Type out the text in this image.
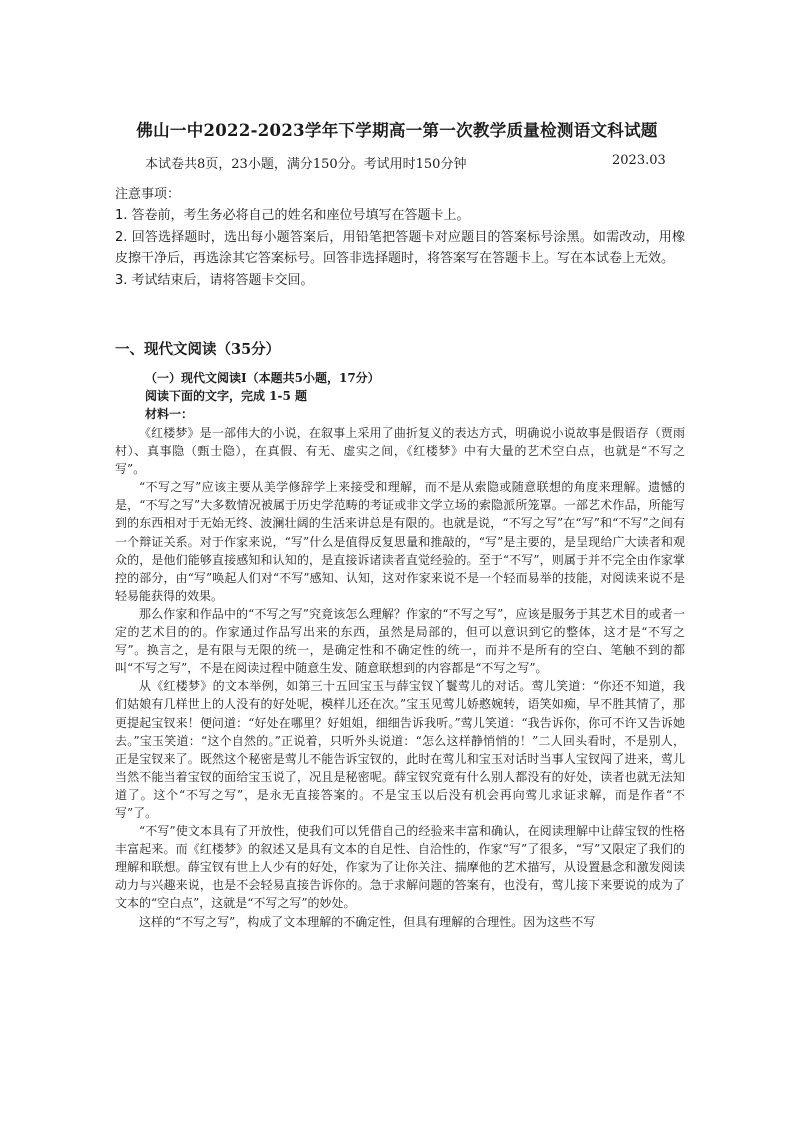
佛山一中2022-2023学年下学期高一第一次教学质量检测语文科试题
本试卷共8页，23小题，满分150分。考试用时150分钟	2023.03

注意事项：

1. 答卷前，考生务必将自己的姓名和座位号填写在答题卡上。

2. 回答选择题时，选出每小题答案后，用铅笔把答题卡对应题目的答案标号涂黑。如需改动，用橡皮擦干净后，再选涂其它答案标号。回答非选择题时，将答案写在答题卡上。写在本试卷上无效。

3. 考试结束后，请将答题卡交回。

一、现代文阅读（35分）
（一）现代文阅读Ⅰ（本题共5小题，17分）
阅读下面的文字，完成 1-5 题
材料一：

《红楼梦》是一部伟大的小说，在叙事上采用了曲折复义的表达方式，明确说小说故事是假语存（贾雨村）、真事隐（甄士隐），在真假、有无、虚实之间，《红楼梦》中有大量的艺术空白点，也就是“不写之写”。

“不写之写”应该主要从美学修辞学上来接受和理解，而不是从索隐或随意联想的角度来理解。遗憾的是，“不写之写”大多数情况被属于历史学范畴的考证或非文学立场的索隐派所笼罩。一部艺术作品，所能写到的东西相对于无始无终、波澜壮阔的生活来讲总是有限的。也就是说，“不写之写”在“写”和“不写”之间有一个辩证关系。对于作家来说，“写”什么是值得反复思量和推敲的，“写”是主要的，是呈现给广大读者和观众的，是他们能够直接感知和认知的，是直接诉诸读者直觉经验的。至于“不写”，则属于并不完全由作家掌控的部分，由“写”唤起人们对“不写”感知、认知，这对作家来说不是一个轻而易举的技能，对阅读来说不是轻易能获得的效果。

那么作家和作品中的“不写之写”究竟该怎么理解？作家的“不写之写”，应该是服务于其艺术目的或者一定的艺术目的的。作家通过作品写出来的东西，虽然是局部的，但可以意识到它的整体，这才是“不写之写”。换言之，是有限与无限的统一，是确定性和不确定性的统一，而并不是所有的空白、笔触不到的都叫“不写之写”，不是在阅读过程中随意生发、随意联想到的内容都是“不写之写”。

从《红楼梦》的文本举例，如第三十五回宝玉与薛宝钗丫鬟莺儿的对话。莺儿笑道：“你还不知道，我们姑娘有几样世上的人没有的好处呢，模样儿还在次。”宝玉见莺儿娇憨婉转，语笑如痴，早不胜其情了，那更提起宝钗来！便问道：“好处在哪里？好姐姐，细细告诉我听。”莺儿笑道：“我告诉你，你可不许又告诉她去。”宝玉笑道：“这个自然的。”正说着，只听外头说道：“怎么这样静悄悄的！”二人回头看时，不是别人，正是宝钗来了。既然这个秘密是莺儿不能告诉宝钗的，此时在莺儿和宝玉对话时当事人宝钗闯了进来，莺儿当然不能当着宝钗的面给宝玉说了，况且是秘密呢。薛宝钗究竟有什么别人都没有的好处，读者也就无法知道了。这个“不写之写”，是永无直接答案的。不是宝玉以后没有机会再向莺儿求证求解，而是作者“不写”了。

“不写”使文本具有了开放性，使我们可以凭借自己的经验来丰富和确认，在阅读理解中让薛宝钗的性格丰富起来。而《红楼梦》的叙述又是具有文本的自足性、自洽性的，作家“写”了很多，“写”又限定了我们的理解和联想。薛宝钗有世上人少有的好处，作家为了让你关注、揣摩他的艺术描写，从设置悬念和激发阅读动力与兴趣来说，也是不会轻易直接告诉你的。急于求解问题的答案有，也没有，莺儿接下来要说的成为了文本的“空白点”，这就是“不写之写”的妙处。

这样的“不写之写”，构成了文本理解的不确定性，但具有理解的合理性。因为这些不写
